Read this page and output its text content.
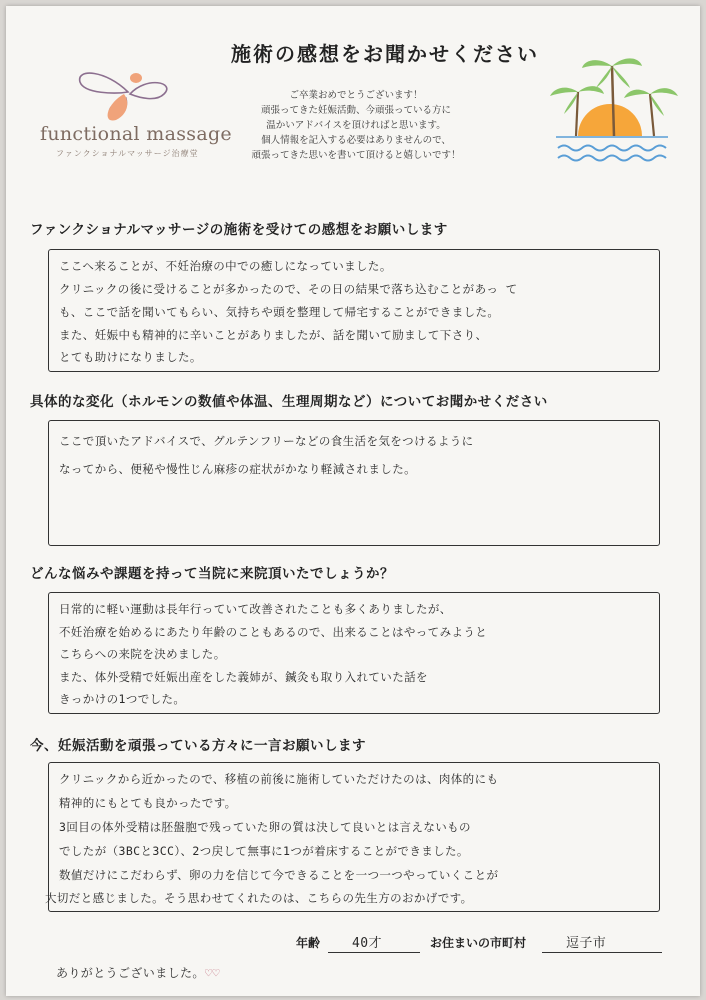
functional massage
ファンクショナルマッサージ治療堂
施術の感想をお聞かせください
ご卒業おめでとうございます！
頑張ってきた妊娠活動、今頑張っている方に
温かいアドバイスを頂ければと思います。
個人情報を記入する必要はありませんので、
頑張ってきた思いを書いて頂けると嬉しいです！
ファンクショナルマッサージの施術を受けての感想をお願いします
ここへ来ることが、不妊治療の中での癒しになっていました。
クリニックの後に受けることが多かったので、その日の結果で落ち込むことがあっ て
も、ここで話を聞いてもらい、気持ちや頭を整理して帰宅することができました。
また、妊娠中も精神的に辛いことがありましたが、話を聞いて励まして下さり、
とても助けになりました。
具体的な変化（ホルモンの数値や体温、生理周期など）についてお聞かせください
ここで頂いたアドバイスで、グルテンフリーなどの食生活を気をつけるように
なってから、便秘や慢性じん麻疹の症状がかなり軽減されました。
どんな悩みや課題を持って当院に来院頂いたでしょうか？
日常的に軽い運動は長年行っていて改善されたことも多くありましたが、
不妊治療を始めるにあたり年齢のこともあるので、出来ることはやってみようと
こちらへの来院を決めました。
また、体外受精で妊娠出産をした義姉が、鍼灸も取り入れていた話を
きっかけの1つでした。
今、妊娠活動を頑張っている方々に一言お願いします
クリニックから近かったので、移植の前後に施術していただけたのは、肉体的にも
精神的にもとても良かったです。
3回目の体外受精は胚盤胞で残っていた卵の質は決して良いとは言えないもの
でしたが（3BCと3CC）、2つ戻して無事に1つが着床することができました。
数値だけにこだわらず、卵の力を信じて今できることを一つ一つやっていくことが
大切だと感じました。そう思わせてくれたのは、こちらの先生方のおかげです。
年齢 40才	お住まいの市町村	逗子市
ありがとうございました。♡♡
